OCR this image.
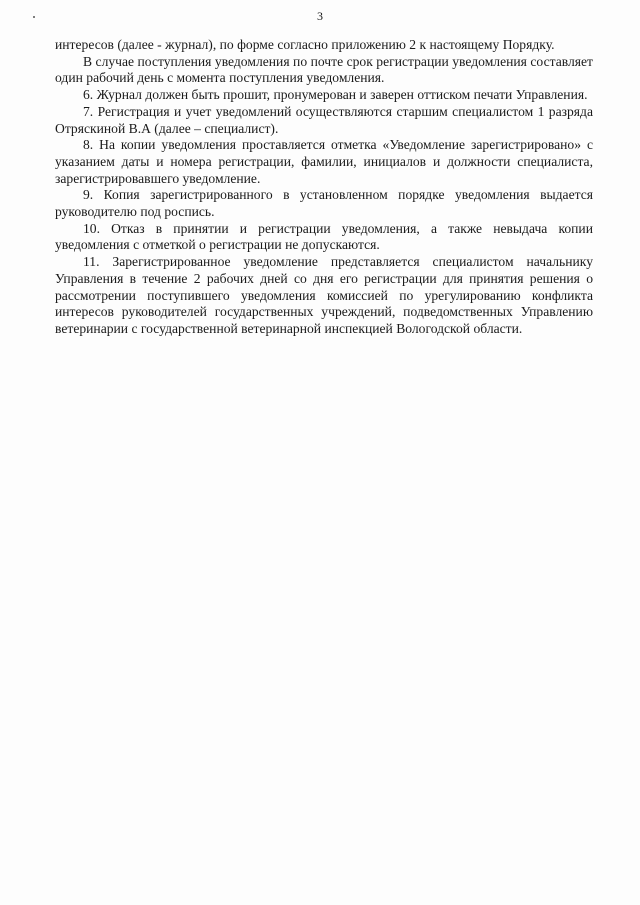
3

интересов (далее - журнал), по форме согласно приложению 2 к настоящему Порядку.

В случае поступления уведомления по почте срок регистрации уведомления составляет один рабочий день с момента поступления уведомления.

6. Журнал должен быть прошит, пронумерован и заверен оттиском печати Управления.

7. Регистрация и учет уведомлений осуществляются старшим специалистом 1 разряда Отряскиной В.А (далее – специалист).

8. На копии уведомления проставляется отметка «Уведомление зарегистрировано» с указанием даты и номера регистрации, фамилии, инициалов и должности специалиста, зарегистрировавшего уведомление.

9. Копия зарегистрированного в установленном порядке уведомления выдается руководителю под роспись.

10. Отказ в принятии и регистрации уведомления, а также невыдача копии уведомления с отметкой о регистрации не допускаются.

11. Зарегистрированное уведомление представляется специалистом начальнику Управления в течение 2 рабочих дней со дня его регистрации для принятия решения о рассмотрении поступившего уведомления комиссией по урегулированию конфликта интересов руководителей государственных учреждений, подведомственных Управлению ветеринарии с государственной ветеринарной инспекцией Вологодской области.
